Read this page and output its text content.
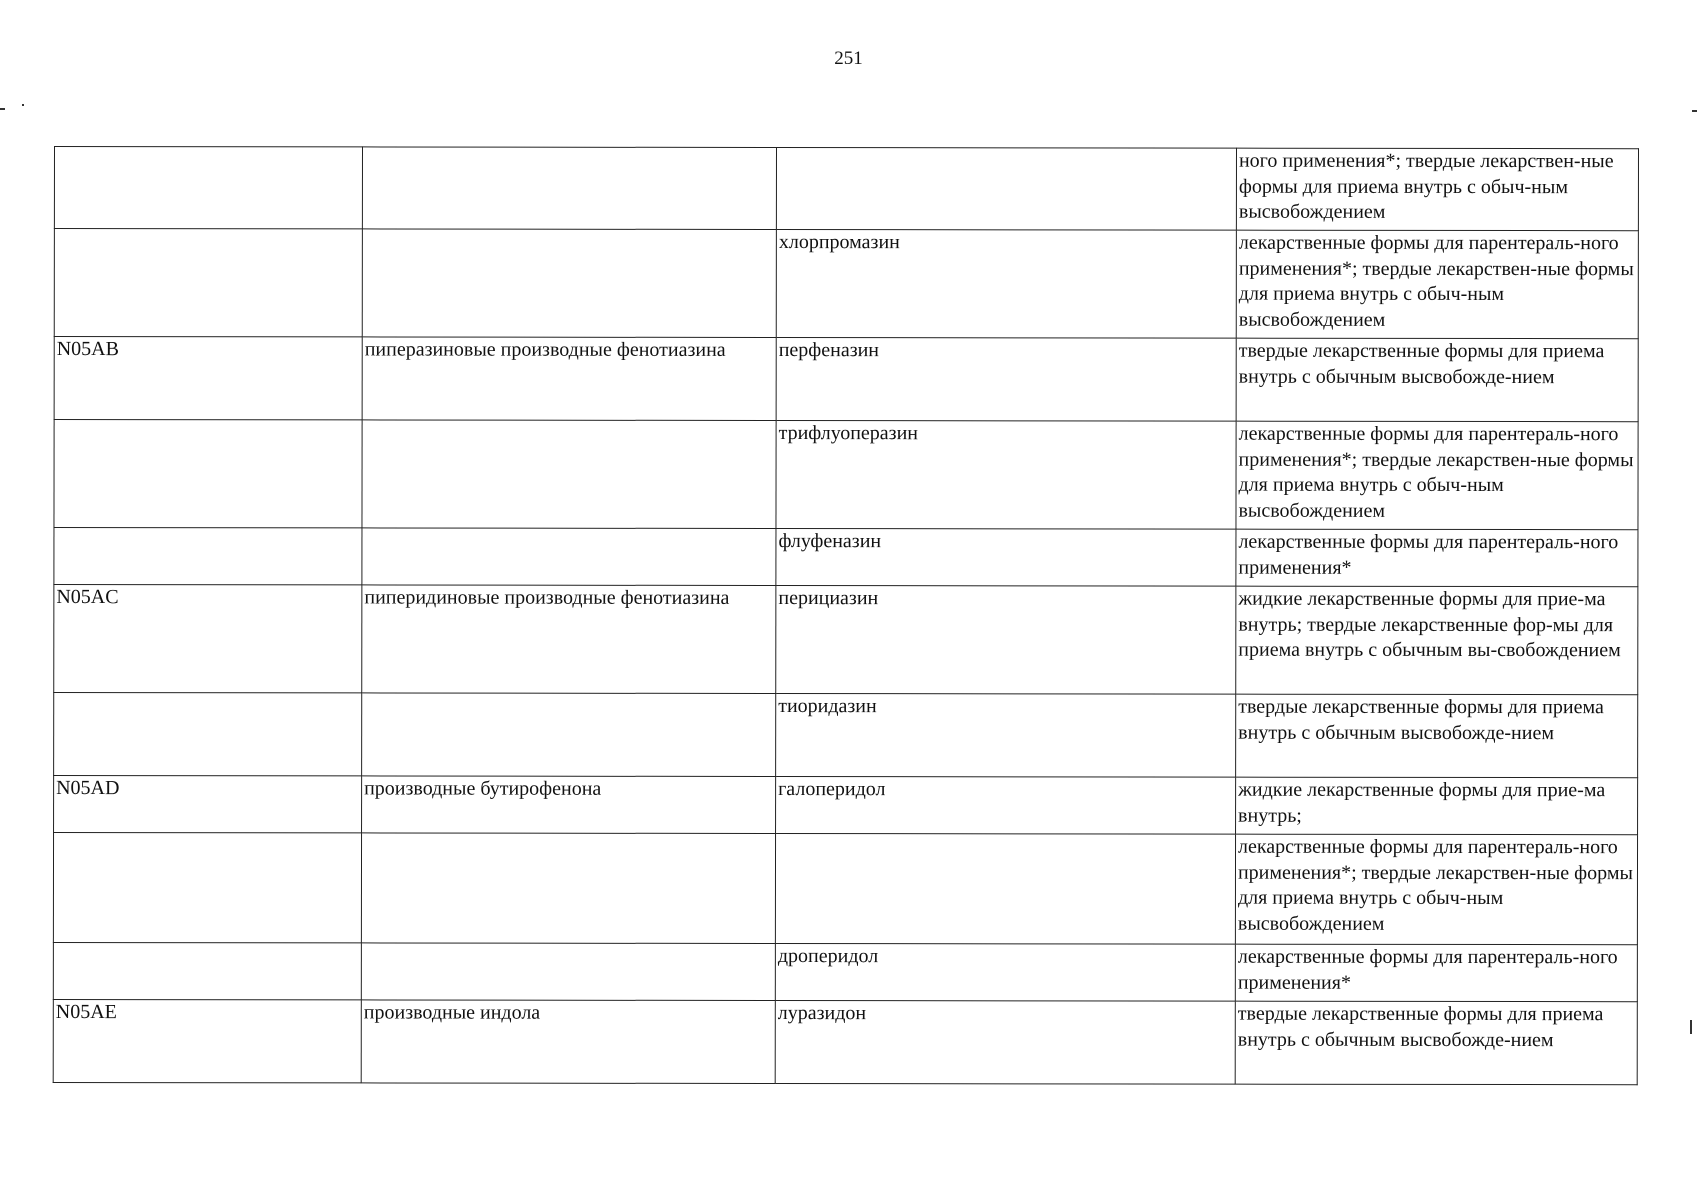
251
			ного применения*; твердые лекарствен-ные формы для приема внутрь с обыч-ным высвобождением
		хлорпромазин	лекарственные формы для парентераль-ного применения*; твердые лекарствен-ные формы для приема внутрь с обыч-ным высвобождением
N05AB	пиперазиновые производные фенотиазина	перфеназин	твердые лекарственные формы для приема внутрь с обычным высвобожде-нием
		трифлуоперазин	лекарственные формы для парентераль-ного применения*; твердые лекарствен-ные формы для приема внутрь с обыч-ным высвобождением
		флуфеназин	лекарственные формы для парентераль-ного применения*
N05AC	пиперидиновые производные фенотиазина	перициазин	жидкие лекарственные формы для прие-ма внутрь; твердые лекарственные фор-мы для приема внутрь с обычным вы-свобождением
		тиоридазин	твердые лекарственные формы для приема внутрь с обычным высвобожде-нием
N05AD	производные бутирофенона	галоперидол	жидкие лекарственные формы для прие-ма внутрь;
			лекарственные формы для парентераль-ного применения*; твердые лекарствен-ные формы для приема внутрь с обыч-ным высвобождением
		дроперидол	лекарственные формы для парентераль-ного применения*
N05AE	производные индола	луразидон	твердые лекарственные формы для приема внутрь с обычным высвобожде-нием
